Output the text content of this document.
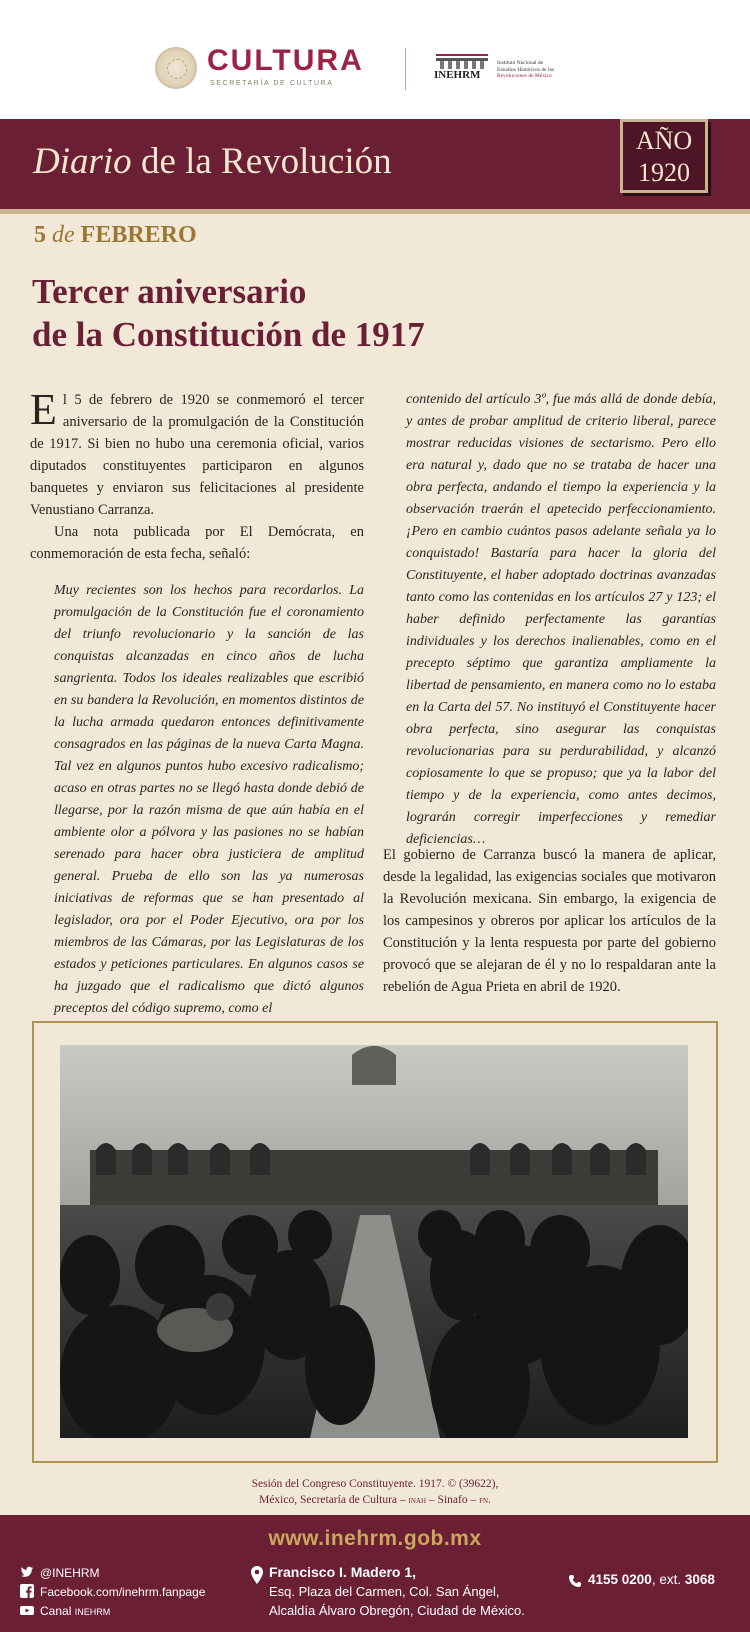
CULTURA
SECRETARÍA DE CULTURA
INEHRM
Instituto Nacional de
Estudios Históricos de las
Revoluciones de México
Diario de la Revolución
AÑO
1920
5 de FEBRERO
Tercer aniversario
de la Constitución de 1917

El 5 de febrero de 1920 se conmemoró el tercer aniversario de la promulgación de la Constitución de 1917. Si bien no hubo una ceremonia oficial, varios diputados constituyentes participaron en algunos banquetes y enviaron sus felicitaciones al presidente Venustiano Carranza.

Una nota publicada por El Demócrata, en conmemoración de esta fecha, señaló:

Muy recientes son los hechos para recordarlos. La promulgación de la Constitución fue el coronamiento del triunfo revolucionario y la sanción de las conquistas alcanzadas en cinco años de lucha sangrienta. Todos los ideales realizables que escribió en su bandera la Revolución, en momentos distintos de la lucha armada quedaron entonces definitivamente consagrados en las páginas de la nueva Carta Magna. Tal vez en algunos puntos hubo excesivo radicalismo; acaso en otras partes no se llegó hasta donde debió de llegarse, por la razón misma de que aún había en el ambiente olor a pólvora y las pasiones no se habían serenado para hacer obra justiciera de amplitud general. Prueba de ello son las ya numerosas iniciativas de reformas que se han presentado al legislador, ora por el Poder Ejecutivo, ora por los miembros de las Cámaras, por las Legislaturas de los estados y peticiones particulares. En algunos casos se ha juzgado que el radicalismo que dictó algunos preceptos del código supremo, como el

contenido del artículo 3º, fue más allá de donde debía, y antes de probar amplitud de criterio liberal, parece mostrar reducidas visiones de sectarismo. Pero ello era natural y, dado que no se trataba de hacer una obra perfecta, andando el tiempo la experiencia y la observación traerán el apetecido perfeccionamiento. ¡Pero en cambio cuántos pasos adelante señala ya lo conquistado! Bastaría para hacer la gloria del Constituyente, el haber adoptado doctrinas avanzadas tanto como las contenidas en los artículos 27 y 123; el haber definido perfectamente las garantías individuales y los derechos inalienables, como en el precepto séptimo que garantiza ampliamente la libertad de pensamiento, en manera como no lo estaba en la Carta del 57. No instituyó el Constituyente hacer obra perfecta, sino asegurar las conquistas revolucionarias para su perdurabilidad, y alcanzó copiosamente lo que se propuso; que ya la labor del tiempo y de la experiencia, como antes decimos, lograrán corregir imperfecciones y remediar deficiencias…

El gobierno de Carranza buscó la manera de aplicar, desde la legalidad, las exigencias sociales que motivaron la Revolución mexicana. Sin embargo, la exigencia de los campesinos y obreros por aplicar los artículos de la Constitución y la lenta respuesta por parte del gobierno provocó que se alejaran de él y no lo respaldaran ante la rebelión de Agua Prieta en abril de 1920.

Sesión del Congreso Constituyente. 1917. © (39622),
México, Secretaría de Cultura – inah – Sinafo – fn.
www.inehrm.gob.mx
@INEHRM
Facebook.com/inehrm.fanpage
Canal INEHRM
Francisco I. Madero 1,
Esq. Plaza del Carmen, Col. San Ángel,
Alcaldía Álvaro Obregón, Ciudad de México.
4155 0200, ext. 3068
